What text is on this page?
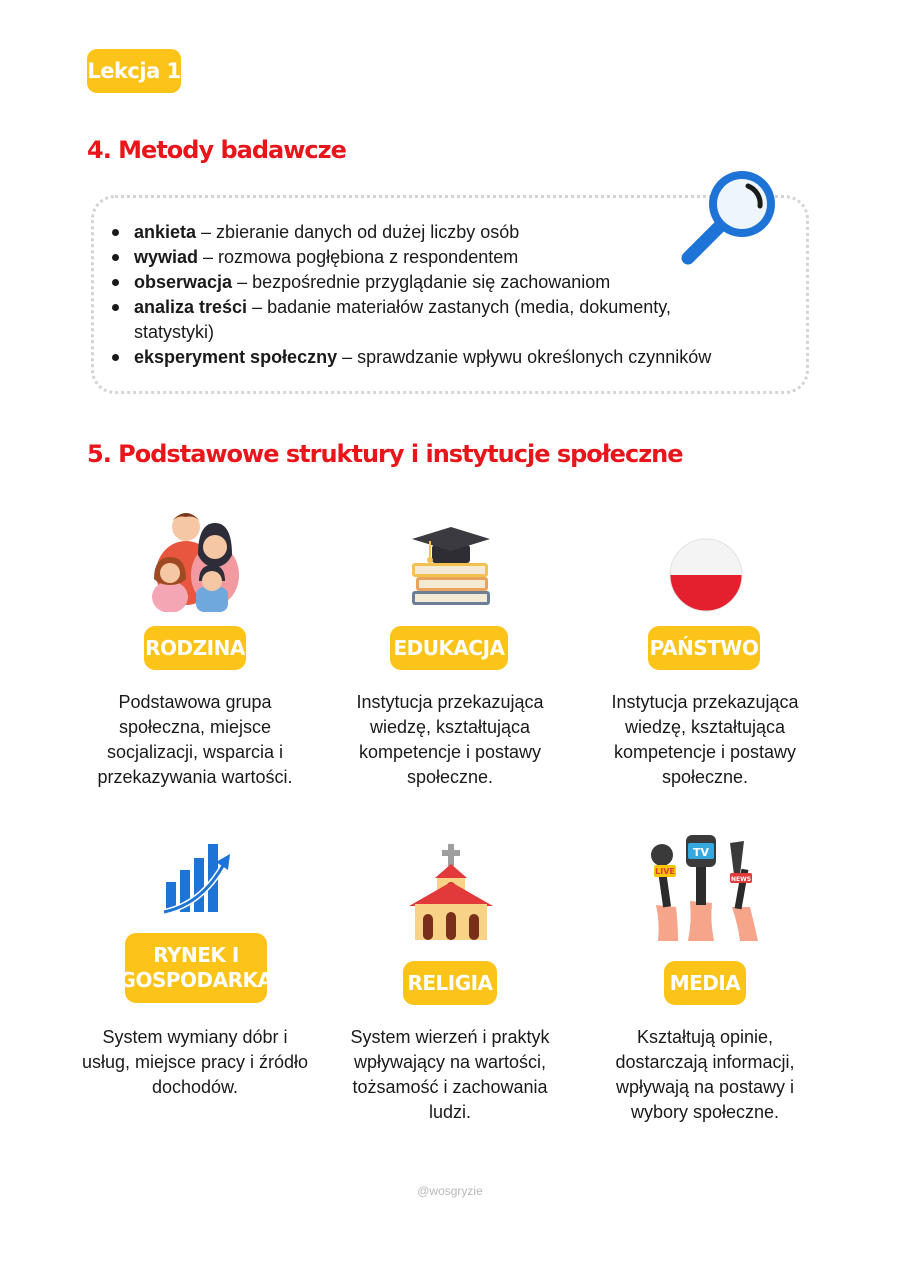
Lekcja 1
4. Metody badawcze
ankieta – zbieranie danych od dużej liczby osób
wywiad – rozmowa pogłębiona z respondentem
obserwacja – bezpośrednie przyglądanie się zachowaniom
analiza treści – badanie materiałów zastanych (media, dokumenty, statystyki)
eksperyment społeczny – sprawdzanie wpływu określonych czynników
5. Podstawowe struktury i instytucje społeczne
RODZINA

Podstawowa grupa społeczna, miejsce socjalizacji, wsparcia i przekazywania wartości.

EDUKACJA

Instytucja przekazująca wiedzę, kształtująca kompetencje i postawy społeczne.

PAŃSTWO

Instytucja przekazująca wiedzę, kształtująca kompetencje i postawy społeczne.

RYNEK I GOSPODARKA

System wymiany dóbr i usług, miejsce pracy i źródło dochodów.

RELIGIA

System wierzeń i praktyk wpływający na wartości, tożsamość i zachowania ludzi.

LIVE
TV
NEWS
MEDIA

Kształtują opinie, dostarczają informacji, wpływają na postawy i wybory społeczne.

@wosgryzie
